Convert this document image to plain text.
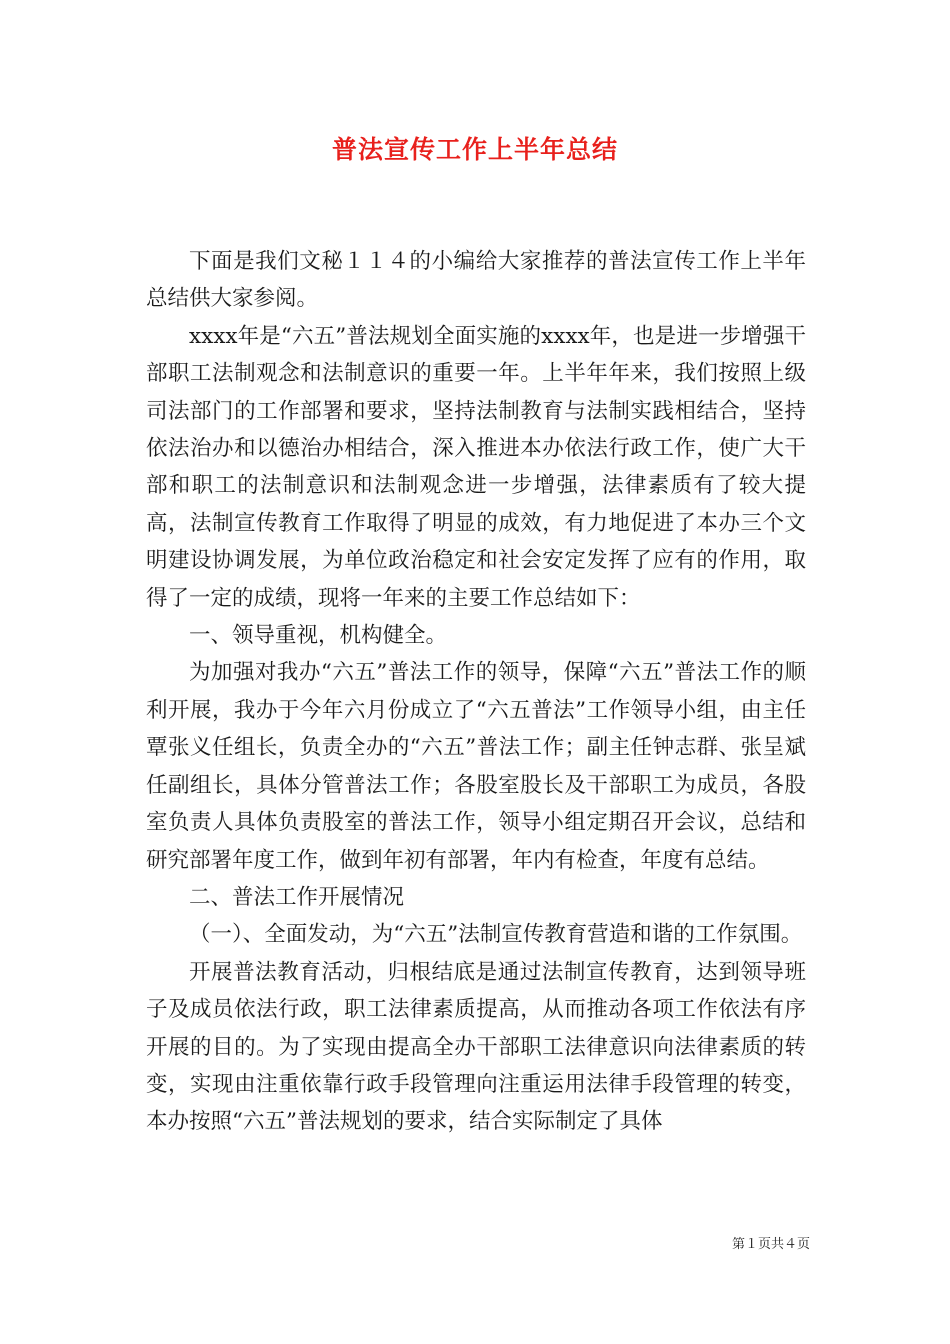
普法宣传工作上半年总结

下面是我们文秘１１４的小编给大家推荐的普法宣传工作上半年总结供大家参阅。

xxxx年是“六五”普法规划全面实施的xxxx年，也是进一步增强干部职工法制观念和法制意识的重要一年。上半年年来，我们按照上级司法部门的工作部署和要求，坚持法制教育与法制实践相结合，坚持依法治办和以德治办相结合，深入推进本办依法行政工作，使广大干部和职工的法制意识和法制观念进一步增强，法律素质有了较大提高，法制宣传教育工作取得了明显的成效，有力地促进了本办三个文明建设协调发展，为单位政治稳定和社会安定发挥了应有的作用，取得了一定的成绩，现将一年来的主要工作总结如下：

一、领导重视，机构健全。

为加强对我办“六五”普法工作的领导，保障“六五”普法工作的顺利开展，我办于今年六月份成立了“六五普法”工作领导小组，由主任覃张义任组长，负责全办的“六五”普法工作；副主任钟志群、张呈斌任副组长，具体分管普法工作；各股室股长及干部职工为成员，各股室负责人具体负责股室的普法工作，领导小组定期召开会议，总结和研究部署年度工作，做到年初有部署，年内有检查，年度有总结。

二、普法工作开展情况

（一）、全面发动，为“六五”法制宣传教育营造和谐的工作氛围。

开展普法教育活动，归根结底是通过法制宣传教育，达到领导班子及成员依法行政，职工法律素质提高，从而推动各项工作依法有序开展的目的。为了实现由提高全办干部职工法律意识向法律素质的转变，实现由注重依靠行政手段管理向注重运用法律手段管理的转变，本办按照“六五”普法规划的要求，结合实际制定了具体

第１页共４页
